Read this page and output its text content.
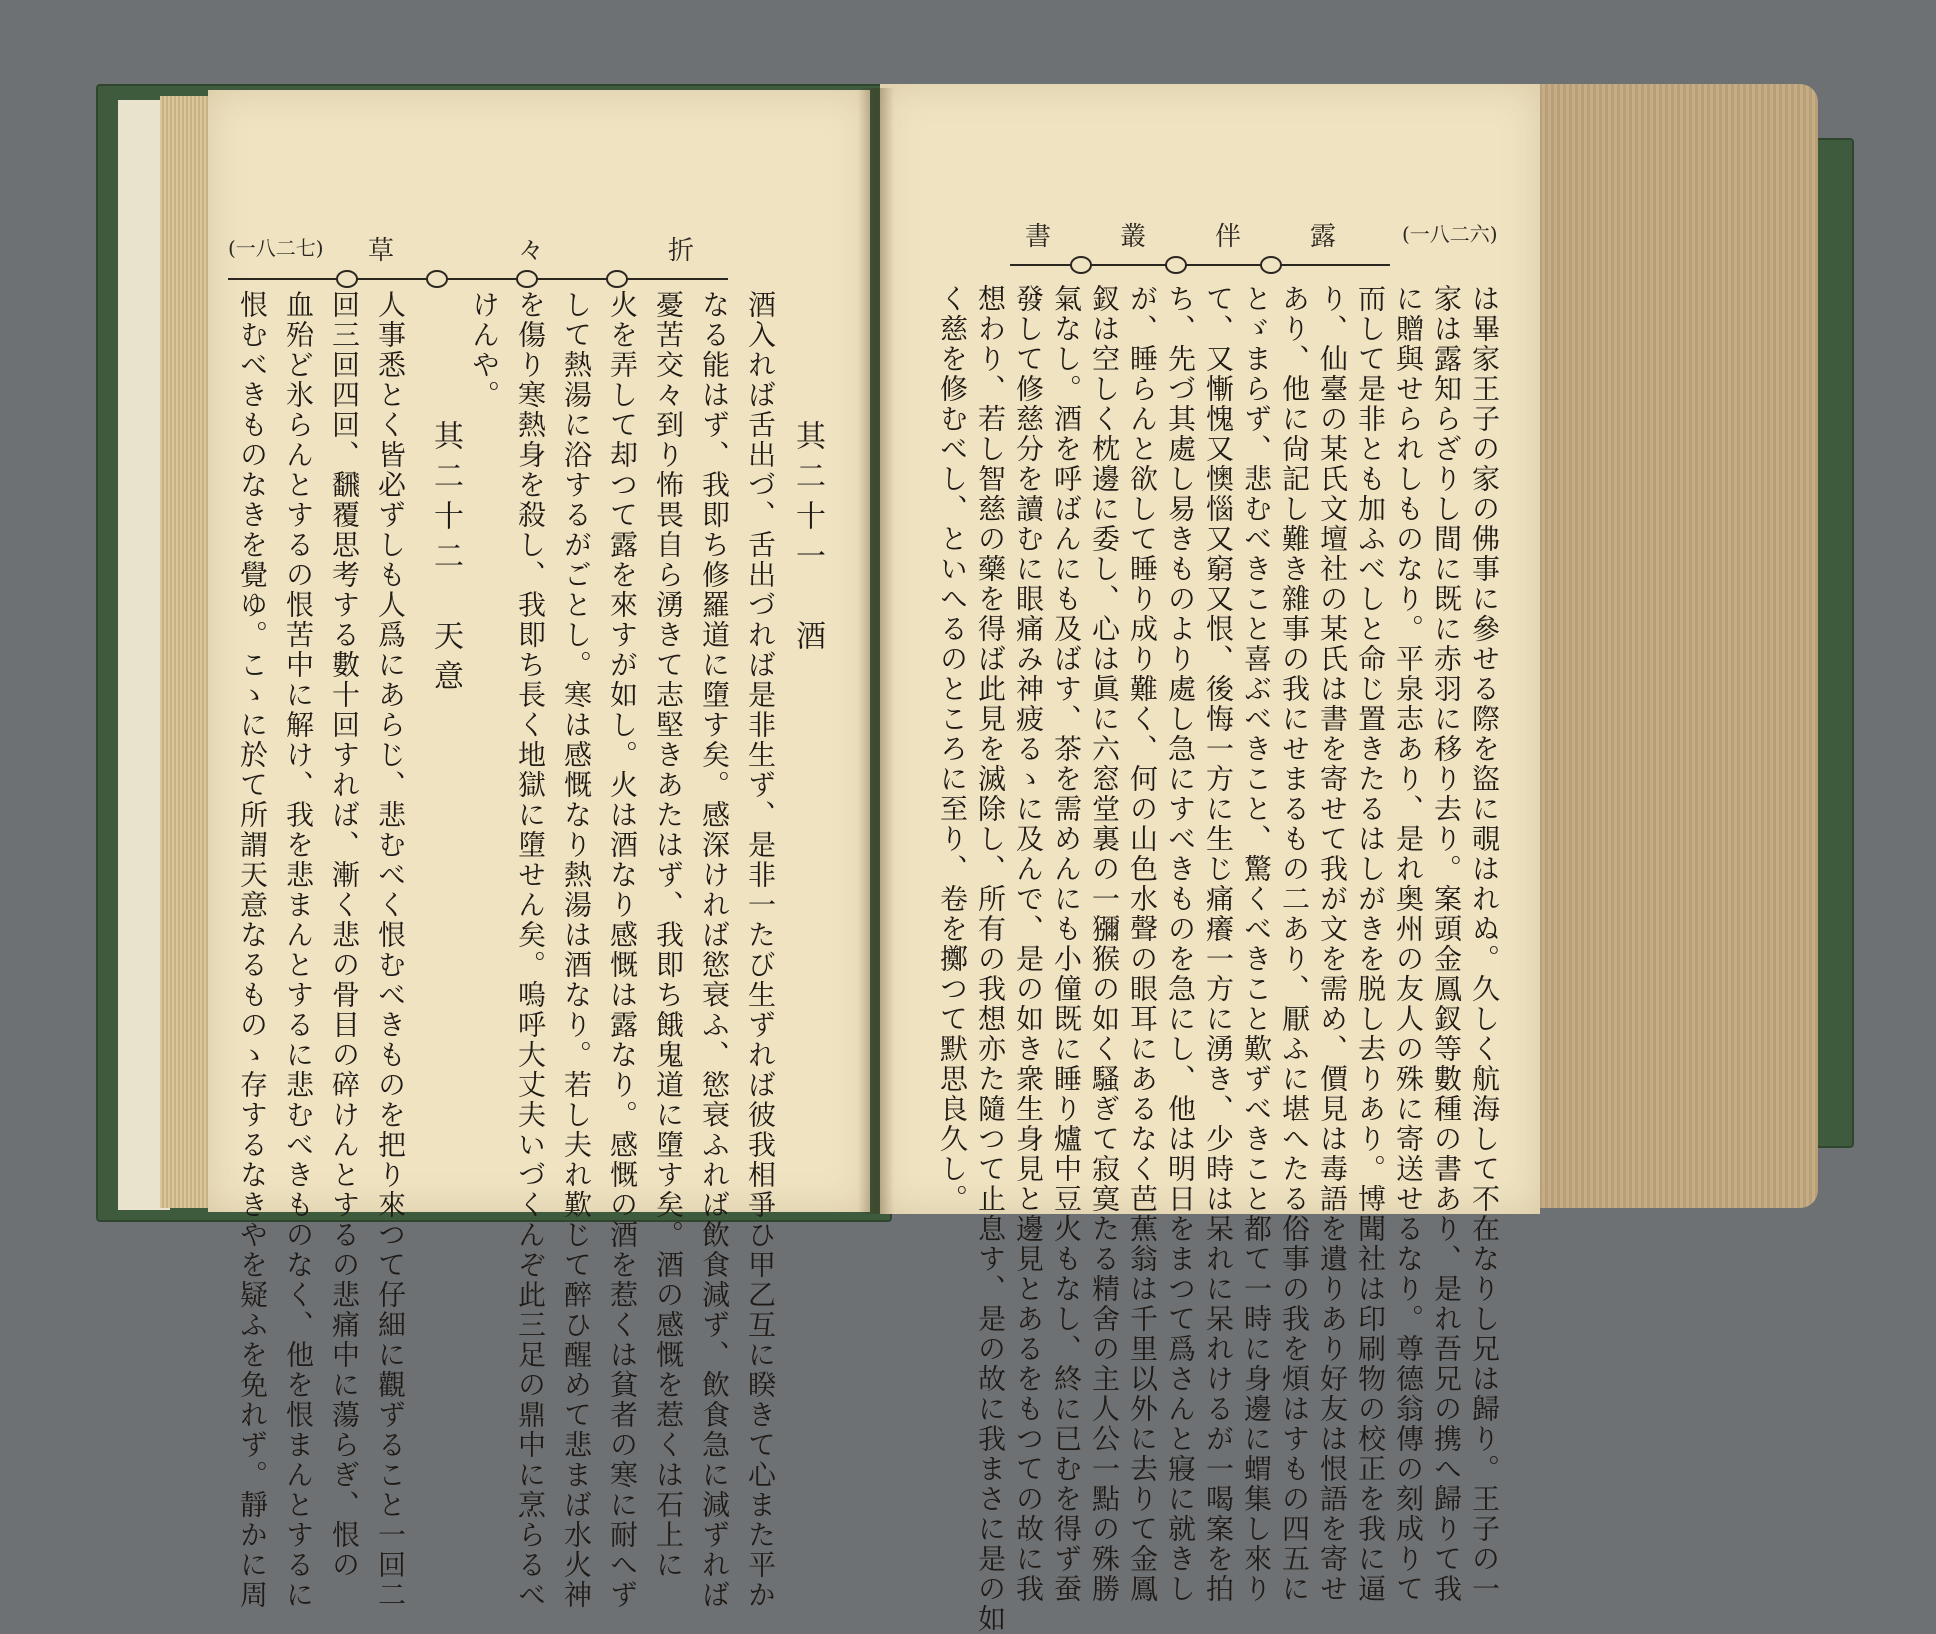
(一八二七)	折
々
草
けんや。 を傷り寒熱身を殺し、我即ち長く地獄に墮せん矣。嗚呼大丈夫いづくんぞ此三足の鼎中に烹らるべ して熱湯に浴するがごとし。寒は感慨なり熱湯は酒なり。若し夫れ歎じて醉ひ醒めて悲まば水火神 火を弄して却つて露を來すが如し。火は酒なり感慨は露なり。感慨の酒を惹くは貧者の寒に耐へず 憂苦交々到り怖畏自ら湧きて志堅きあたはず、我即ち餓鬼道に墮す矣。酒の感慨を惹くは石上に なる能はず、我即ち修羅道に墮す矣。感深ければ慾衰ふ、慾衰ふれば飲食減ず、飲食急に減ずれば 酒入れば舌出づ、舌出づれば是非生ず、是非一たび生ずれば彼我相爭ひ甲乙互に睽きて心また平か 其二十一　酒
其二十二　天意
人事悉とく皆必ずしも人爲にあらじ、悲むべく恨むべきものを把り來つて仔細に觀ずること一回二
回三回四回、飜覆思考する數十回すれば、漸く悲の骨目の碎けんとするの悲痛中に蕩らぎ、恨の
血殆ど氷らんとするの恨苦中に解け、我を悲まんとするに悲むべきものなく、他を恨まんとするに
恨むべきものなきを覺ゆ。こゝに於て所謂天意なるものゝ存するなきやを疑ふを免れず。靜かに周
露
伴
叢
書	(一八二六)
は畢家王子の家の佛事に參せる際を盜に覗はれぬ。久しく航海して不在なりし兄は歸り。王子の一
家は露知らざりし間に既に赤羽に移り去り。案頭金鳳釵等數種の書あり、是れ吾兄の携へ歸りて我
に贈與せられしものなり。平泉志あり、是れ奥州の友人の殊に寄送せるなり。尊德翁傳の刻成りて
而して是非とも加ふべしと命じ置きたるはしがきを脱し去りあり。博聞社は印刷物の校正を我に逼
り、仙臺の某氏文壇社の某氏は書を寄せて我が文を需め、價見は毒語を遺りあり好友は恨語を寄せ
あり、他に尙記し難き雜事の我にせまるもの二あり、厭ふに堪へたる俗事の我を煩はすもの四五に
とゞまらず、悲むべきこと喜ぶべきこと、驚くべきこと歎ずべきこと都て一時に身邊に蝟集し來り
て、又慚愧又懊惱又窮又恨、後悔一方に生じ痛癢一方に湧き、少時は呆れに呆れけるが一喝案を拍
ち、先づ其處し易きものより處し急にすべきものを急にし、他は明日をまつて爲さんと寢に就きし
が、睡らんと欲して睡り成り難く、何の山色水聲の眼耳にあるなく芭蕉翁は千里以外に去りて金鳳
釵は空しく枕邊に委し、心は眞に六窓堂裏の一獼猴の如く騷ぎて寂寞たる精舍の主人公一點の殊勝
氣なし。酒を呼ばんにも及ばす、茶を需めんにも小僮既に睡り爐中豆火もなし、終に已むを得ず蚕
發して修慈分を讀むに眼痛み神疲るゝに及んで、是の如き衆生身見と邊見とあるをもつての故に我
想わり、若し智慈の藥を得ば此見を滅除し、所有の我想亦た隨つて止息す、是の故に我まさに是の如
く慈を修むべし、といへるのところに至り、卷を擲つて默思良久し。
